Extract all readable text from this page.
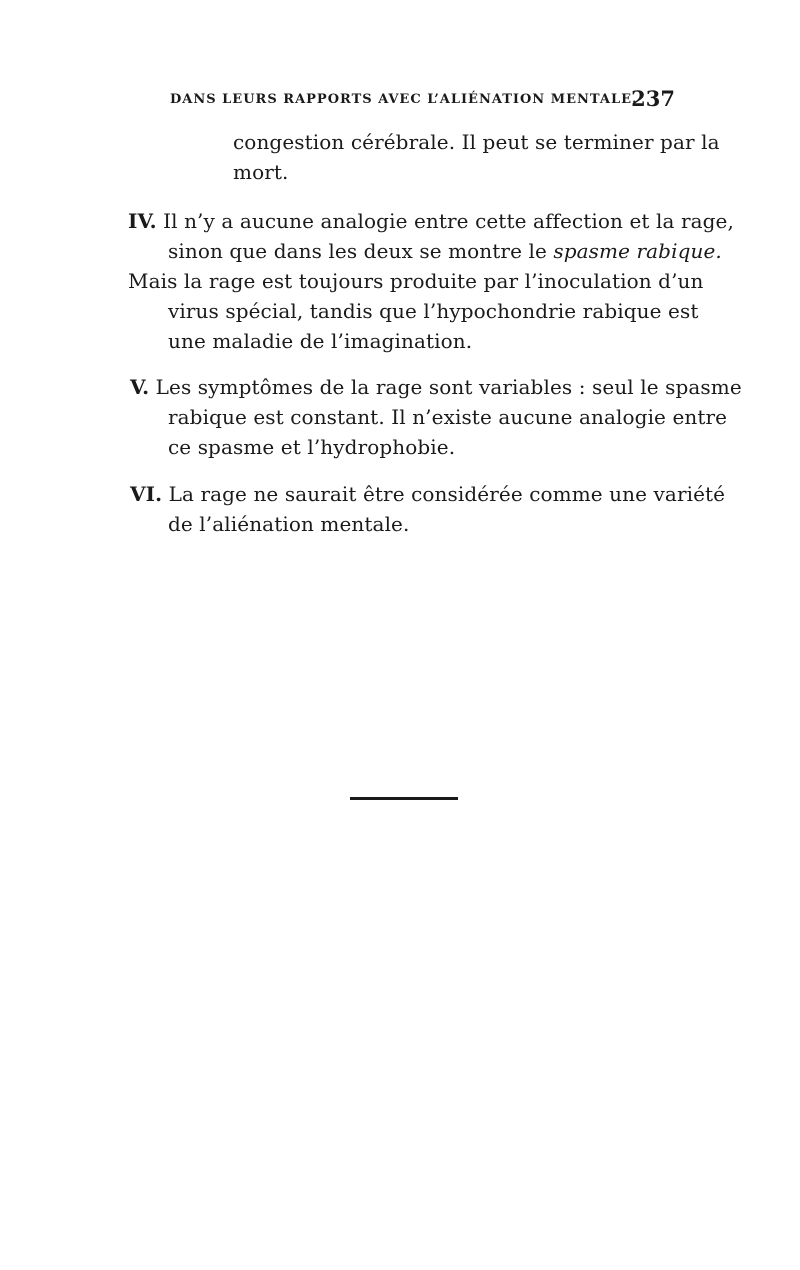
DANS LEURS RAPPORTS AVEC L’ALIÉNATION MENTALE.
237
congestion cérébrale. Il peut se terminer par la
mort.
IV. Il n’y a aucune analogie entre cette affection et la rage,
sinon que dans les deux se montre le spasme rabique.
Mais la rage est toujours produite par l’inoculation d’un
virus spécial, tandis que l’hypochondrie rabique est
une maladie de l’imagination.
V. Les symptômes de la rage sont variables : seul le spasme
rabique est constant. Il n’existe aucune analogie entre
ce spasme et l’hydrophobie.
VI. La rage ne saurait être considérée comme une variété
de l’aliénation mentale.
